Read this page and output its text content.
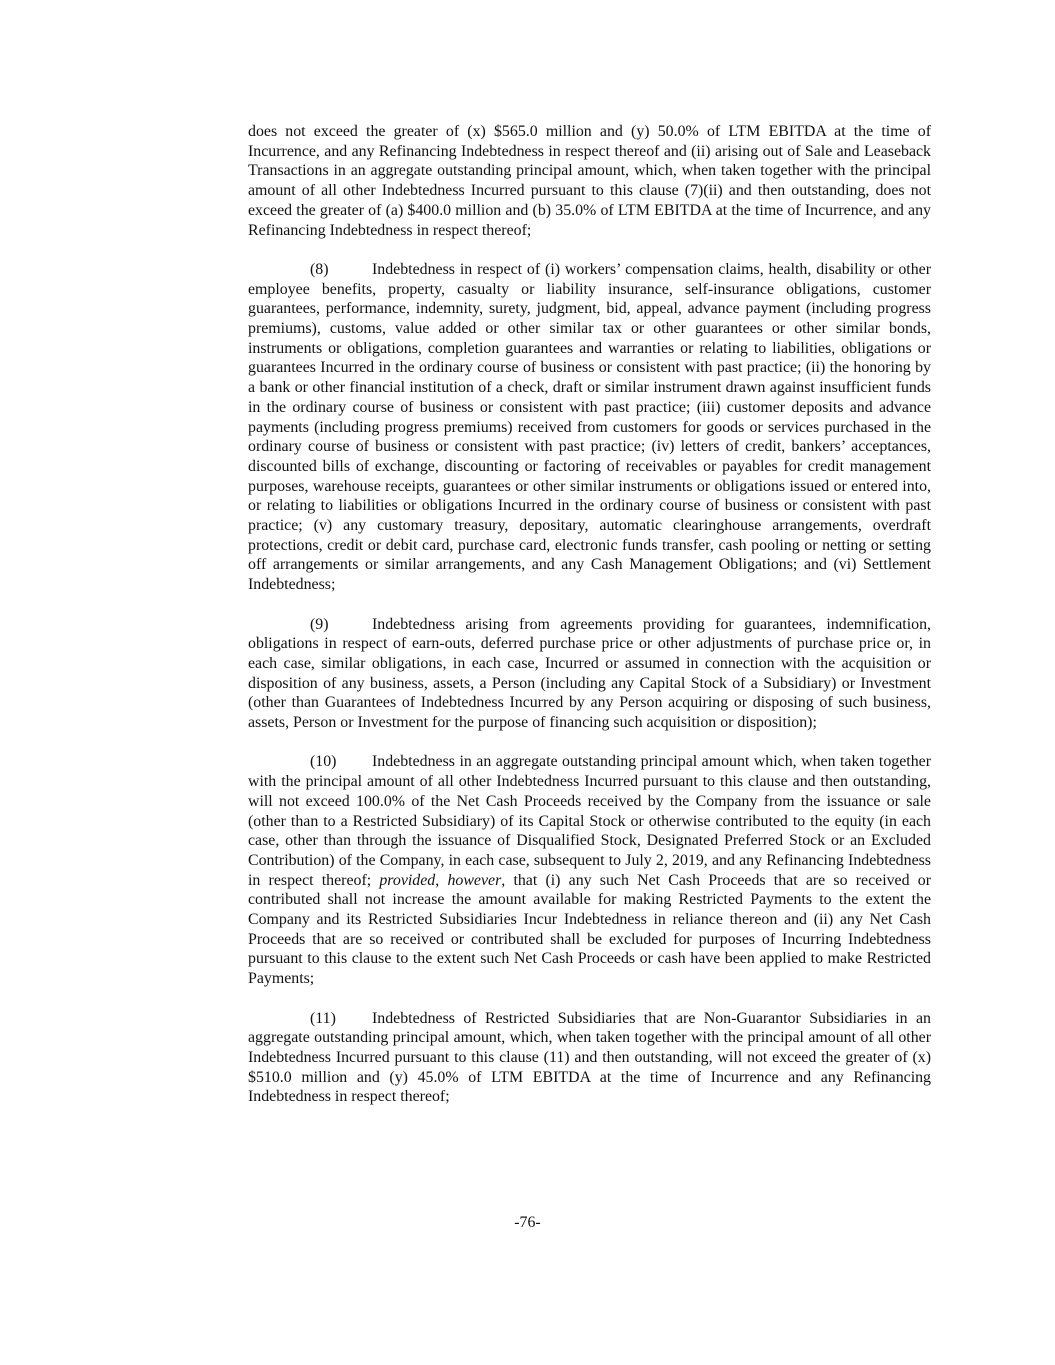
does not exceed the greater of (x) $565.0 million and (y) 50.0% of LTM EBITDA at the time of Incurrence, and any Refinancing Indebtedness in respect thereof and (ii) arising out of Sale and Leaseback Transactions in an aggregate outstanding principal amount, which, when taken together with the principal amount of all other Indebtedness Incurred pursuant to this clause (7)(ii) and then outstanding, does not exceed the greater of (a) $400.0 million and (b) 35.0% of LTM EBITDA at the time of Incurrence, and any Refinancing Indebtedness in respect thereof;

(8)	Indebtedness in respect of (i) workers’ compensation claims, health, disability or other employee benefits, property, casualty or liability insurance, self-insurance obligations, customer guarantees, performance, indemnity, surety, judgment, bid, appeal, advance payment (including progress premiums), customs, value added or other similar tax or other guarantees or other similar bonds, instruments or obligations, completion guarantees and warranties or relating to liabilities, obligations or guarantees Incurred in the ordinary course of business or consistent with past practice; (ii) the honoring by a bank or other financial institution of a check, draft or similar instrument drawn against insufficient funds in the ordinary course of business or consistent with past practice; (iii) customer deposits and advance payments (including progress premiums) received from customers for goods or services purchased in the ordinary course of business or consistent with past practice; (iv) letters of credit, bankers’ acceptances, discounted bills of exchange, discounting or factoring of receivables or payables for credit management purposes, warehouse receipts, guarantees or other similar instruments or obligations issued or entered into, or relating to liabilities or obligations Incurred in the ordinary course of business or consistent with past practice; (v) any customary treasury, depositary, automatic clearinghouse arrangements, overdraft protections, credit or debit card, purchase card, electronic funds transfer, cash pooling or netting or setting off arrangements or similar arrangements, and any Cash Management Obligations; and (vi) Settlement Indebtedness;

(9)	Indebtedness arising from agreements providing for guarantees, indemnification, obligations in respect of earn-outs, deferred purchase price or other adjustments of purchase price or, in each case, similar obligations, in each case, Incurred or assumed in connection with the acquisition or disposition of any business, assets, a Person (including any Capital Stock of a Subsidiary) or Investment (other than Guarantees of Indebtedness Incurred by any Person acquiring or disposing of such business, assets, Person or Investment for the purpose of financing such acquisition or disposition);

(10) Indebtedness in an aggregate outstanding principal amount which, when taken together with the principal amount of all other Indebtedness Incurred pursuant to this clause and then outstanding, will not exceed 100.0% of the Net Cash Proceeds received by the Company from the issuance or sale (other than to a Restricted Subsidiary) of its Capital Stock or otherwise contributed to the equity (in each case, other than through the issuance of Disqualified Stock, Designated Preferred Stock or an Excluded Contribution) of the Company, in each case, subsequent to July 2, 2019, and any Refinancing Indebtedness in respect thereof; provided, however, that (i) any such Net Cash Proceeds that are so received or contributed shall not increase the amount available for making Restricted Payments to the extent the Company and its Restricted Subsidiaries Incur Indebtedness in reliance thereon and (ii) any Net Cash Proceeds that are so received or contributed shall be excluded for purposes of Incurring Indebtedness pursuant to this clause to the extent such Net Cash Proceeds or cash have been applied to make Restricted Payments;

(11) Indebtedness of Restricted Subsidiaries that are Non-Guarantor Subsidiaries in an aggregate outstanding principal amount, which, when taken together with the principal amount of all other Indebtedness Incurred pursuant to this clause (11) and then outstanding, will not exceed the greater of (x) $510.0 million and (y) 45.0% of LTM EBITDA at the time of Incurrence and any Refinancing Indebtedness in respect thereof;

-76-
